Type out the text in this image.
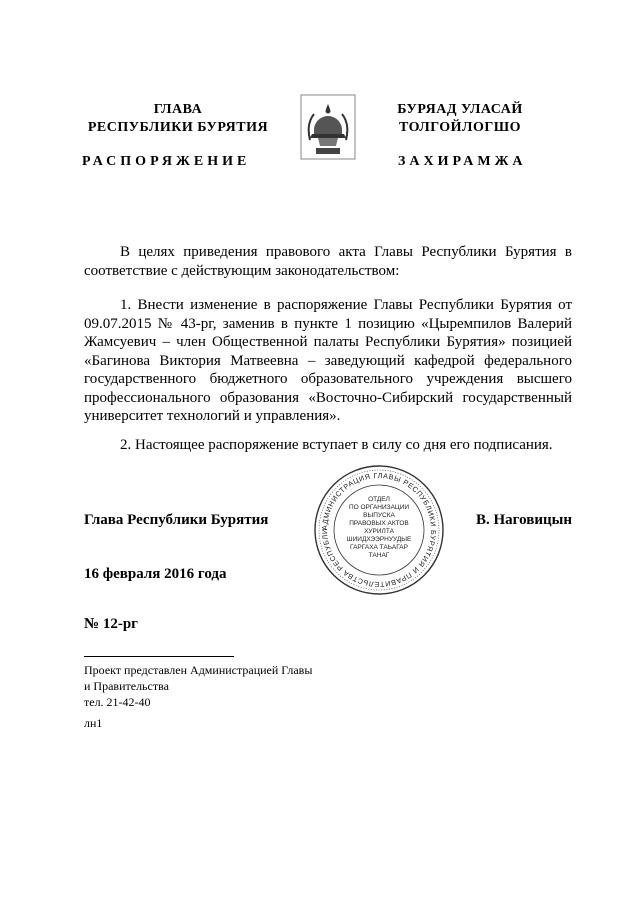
ГЛАВА
РЕСПУБЛИКИ БУРЯТИЯ
БУРЯАД УЛАСАЙ
ТОЛГОЙЛОГШО
РАСПОРЯЖЕНИЕ	ЗАХИРАМЖА
В целях приведения правового акта Главы Республики Бурятия в соответствие с действующим законодательством:
1. Внести изменение в распоряжение Главы Республики Бурятия от 09.07.2015 № 43-рг, заменив в пункте 1 позицию «Цыремпилов Валерий Жамсуевич – член Общественной палаты Республики Бурятия» позицией «Багинова Виктория Матвеевна – заведующий кафедрой федерального государственного бюджетного образовательного учреждения высшего профессионального образования «Восточно-Сибирский государственный университет технологий и управления».
2. Настоящее распоряжение вступает в силу со дня его подписания.
АДМИНИСТРАЦИЯ ГЛАВЫ РЕСПУБЛИКИ БУРЯТИЯ И ПРАВИТЕЛЬСТВА РЕСПУБЛИ
ОТДЕЛ
ПО ОРГАНИЗАЦИИ
ВЫПУСКА
ПРАВОВЫХ АКТОВ
ХУРИЛТА
ШИИДХЭЭРНУУДЫЕ
ГАРГАХА ТАЬАГАР
ТАНАГ
Глава Республики Бурятия	В. Наговицын
16 февраля 2016 года
№ 12-рг
Проект представлен Администрацией Главы
и Правительства
тел. 21-42-40
лн1
